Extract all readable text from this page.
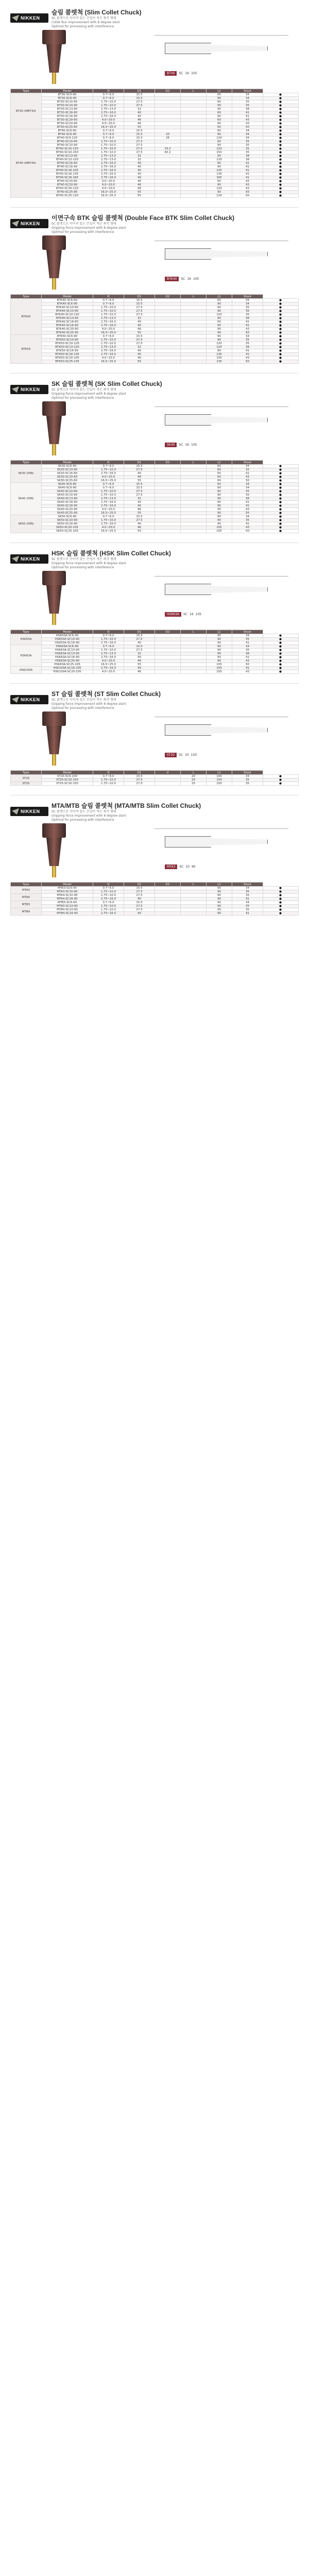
NIKKEN
슬림 콜렛척 (Slim Collet Chuck)
SC 콜렛으로 이어져 있는 간섭이 적은 좌각 형태
Collet Run Improvement with 8 degree slant
Optimal for processing with interference
BT40	SC 16 105
Type	Model	D	D1	D2	L	L1	Stock	
BT30 (MBT30)	BT30-SC6-60	0.7~6.0	15.5			60	34	●
	BT30-SC6-90	0.7~6.0	15.5			90	34	●
	BT30-SC10-60	1.75~10.0	27.5			60	35	●
	BT30-SC10-90	1.75~10.0	27.5			90	35	●
	BT30-SC13-90	2.75~13.0	32			90	38	●
	BT30-SC16-60	2.75~16.0	40			60	41	●
	BT30-SC16-90	2.75~16.0	40			90	41	●
	BT30-SC20-60	4.0~20.0	46			60	43	●
	BT30-SC20-90	4.0~20.0	46			90	43	●
	BT30-SC25-60	16.0~25.0	55			60	50	●
BT40 (MBT40)	BT40-SC6-60	0.7~6.0	15.5			60	34	●
	BT40-SC6-90	0.7~6.0	15.5	20		90	34	●
	BT40-SC6-120	0.7~6.0	15.5	26		120	34	●
	BT40-SC10-60	1.75~10.0	27.5			60	35	●
	BT40-SC10-90	1.75~10.0	27.5			90	35	●
	BT40-SC10-120	1.75~10.0	27.5	33.2		120	35	●
	BT40-SC10-150	1.75~10.0	27.5	40.2		150	35	●
	BT40-SC13-90	2.75~13.0	32			90	38	●
	BT40-SC13-120	2.75~13.0	32			120	38	●
	BT40-SC16-60	2.75~16.0	40			60	41	●
	BT40-SC16-90	2.75~16.0	40			90	41	●
	BT40-SC16-105	2.75~16.0	40			105	41	●
	BT40-SC16-135	2.75~16.0	40			135	41	●
	BT40-SC16-165	2.75~16.0	40			165	41	●
	BT40-SC20-60	4.0~20.0	46			60	43	●
	BT40-SC20-90	4.0~20.0	46			90	43	●
	BT40-SC20-120	4.0~20.0	46			120	43	●
	BT40-SC25-90	16.0~25.0	55			90	50	●
	BT40-SC25-120	16.0~25.0	55			120	50	●
NIKKEN
이면구속 BTK 슬림 콜렛척 (Double Face BTK Slim Collet Chuck)
SC 콜렛으로 이어져 있는 간섭이 적은 좌각 형태
Gripping force improvement with 8 degree slant
Optimal for processing with interference
BTK40	SC 16 105
Type	Model	D	D1	D2	L	L1	Stock	
BTK40	BTK40-SC6-60	0.7~6.0	15.5			60	34	●
	BTK40-SC6-90	0.7~6.0	15.5			90	34	●
	BTK40-SC10-60	1.75~10.0	27.5			60	35	●
	BTK40-SC10-90	1.75~10.0	27.5			90	35	●
	BTK40-SC10-120	1.75~10.0	27.5			120	35	●
	BTK40-SC13-90	2.75~13.0	32			90	38	●
	BTK40-SC16-60	2.75~16.0	40			60	41	●
	BTK40-SC16-90	2.75~16.0	40			90	41	●
	BTK40-SC20-90	4.0~20.0	46			90	43	●
	BTK40-SC25-90	16.0~25.0	55			90	50	●
BTK50	BTK50-SC6-90	0.7~6.0	15.5			90	34	●
	BTK50-SC10-90	1.75~10.0	27.5			90	35	●
	BTK50-SC10-120	1.75~10.0	27.5			120	35	●
	BTK50-SC13-120	2.75~13.0	32			120	38	●
	BTK50-SC16-90	2.75~16.0	40			90	41	●
	BTK50-SC16-135	2.75~16.0	40			135	41	●
	BTK50-SC20-105	4.0~20.0	46			105	43	●
	BTK50-SC25-135	16.0~25.0	55			135	50	●
NIKKEN
SK 슬림 콜렛척 (SK Slim Collet Chuck)
SC 콜렛으로 이어져 있는 간섭이 적은 좌각 형태
Gripping force improvement with 8 degree slant
Optimal for processing with interference
SK40	SC 16 105
Type	Model	D	D1	D2	L	L1	Stock	
SK30 (DIN)	SK30-SC6-60	0.7~6.0	15.5			60	34	●
	SK30-SC10-60	1.75~10.0	27.5			60	35	●
	SK30-SC16-60	2.75~16.0	40			60	41	●
	SK30-SC20-60	4.0~20.0	46			60	43	●
	SK30-SC25-60	16.0~25.0	55			60	50	●
SK40 (DIN)	SK40-SC6-60	0.7~6.0	15.5			60	34	●
	SK40-SC6-90	0.7~6.0	15.5			90	34	●
	SK40-SC10-60	1.75~10.0	27.5			60	35	●
	SK40-SC10-90	1.75~10.0	27.5			90	35	●
	SK40-SC13-90	2.75~13.0	32			90	38	●
	SK40-SC16-60	2.75~16.0	40			60	41	●
	SK40-SC16-90	2.75~16.0	40			90	41	●
	SK40-SC20-90	4.0~20.0	46			90	43	●
	SK40-SC25-90	16.0~25.0	55			90	50	●
SK50 (DIN)	SK50-SC6-90	0.7~6.0	15.5			90	34	●
	SK50-SC10-90	1.75~10.0	27.5			90	35	●
	SK50-SC16-90	2.75~16.0	40			90	41	●
	SK50-SC20-105	4.0~20.0	46			105	43	●
	SK50-SC25-105	16.0~25.0	55			105	50	●
NIKKEN
HSK 슬림 콜렛척 (HSK Slim Collet Chuck)
SC 콜렛으로 이어져 있는 간섭이 적은 좌각 형태
Gripping force improvement with 8 degree slant
Optimal for processing with interference
HSK63A	SC 16 105
Type	Model	D	D1	D2	L	L1	Stock	
HSK50A	HSK50A-SC6-90	0.7~6.0	15.5			90	34	●
	HSK50A-SC10-90	1.75~10.0	27.5			90	35	●
	HSK50A-SC16-90	2.75~16.0	40			90	41	●
HSK63A	HSK63A-SC6-90	0.7~6.0	15.5			90	34	●
	HSK63A-SC10-90	1.75~10.0	27.5			90	35	●
	HSK63A-SC13-90	2.75~13.0	32			90	38	●
	HSK63A-SC16-90	2.75~16.0	40			90	41	●
	HSK63A-SC20-90	4.0~20.0	46			90	43	●
	HSK63A-SC25-105	16.0~25.0	55			105	50	●
HSK100A	HSK100A-SC16-105	2.75~16.0	40			105	41	●
	HSK100A-SC20-105	4.0~20.0	46			105	43	●
NIKKEN
ST 슬림 콜렛척 (ST Slim Collet Chuck)
SC 콜렛으로 이어져 있는 간섭이 적은 좌각 형태
Gripping force improvement with 8 degree slant
Optimal for processing with interference
ST20	SC 10 150
Type	Model	D	D1	d	L	L1	Stock	
ST20	ST20-SC6-100	0.7~6.0	15.5		20	100	34	●
	ST20-SC10-150	1.75~10.0	27.5		20	150	35	●
ST25	ST25-SC10-150	1.75~10.0	27.5		25	150	35	●
NIKKEN
MTA/MTB 슬림 콜렛척 (MTA/MTB Slim Collet Chuck)
SC 콜렛으로 이어져 있는 간섭이 적은 좌각 형태
Gripping force improvement with 8 degree slant
Optimal for processing with interference
MTA3	SC 10 90
Type	Model	D	D1	D2	L	L1	Stock	
MTA3	MTA3-SC6-90	0.7~6.0	15.5			90	34	●
	MTA3-SC10-90	1.75~10.0	27.5			90	35	●
MTA4	MTA4-SC10-90	1.75~10.0	27.5			90	35	●
	MTA4-SC16-90	2.75~16.0	40			90	41	●
MTB3	MTB3-SC6-90	0.7~6.0	15.5			90	34	●
	MTB3-SC10-90	1.75~10.0	27.5			90	35	●
MTB4	MTB4-SC10-90	1.75~10.0	27.5			90	35	●
	MTB4-SC16-90	2.75~16.0	40			90	41	●
